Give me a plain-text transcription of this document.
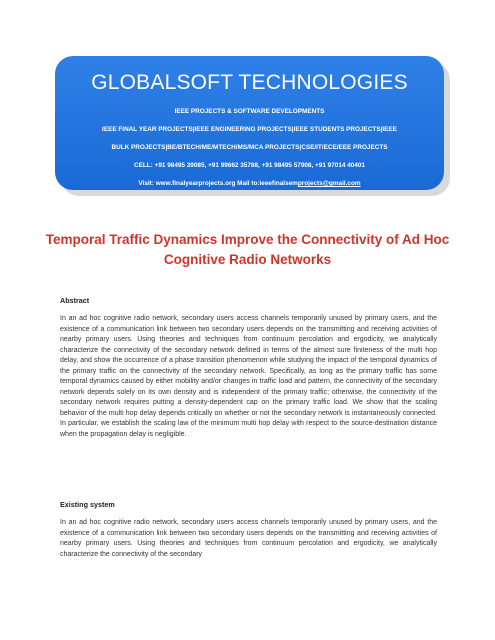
GLOBALSOFT TECHNOLOGIES
IEEE PROJECTS & SOFTWARE DEVELOPMENTS
IEEE FINAL YEAR PROJECTS|IEEE ENGINEERING PROJECTS|IEEE STUDENTS PROJECTS|IEEE
BULK PROJECTS|BE/BTECH/ME/MTECH/MS/MCA PROJECTS|CSE/IT/ECE/EEE PROJECTS
CELL: +91 98495 39085, +91 99662 35788, +91 98495 57908, +91 97014 40401
Visit: www.finalyearprojects.org Mail to:ieeefinalsemprojects@gmail.com
Temporal Traffic Dynamics Improve the Connectivity of Ad Hoc Cognitive Radio Networks
Abstract
In an ad hoc cognitive radio network, secondary users access channels temporarily unused by primary users, and the existence of a communication link between two secondary users depends on the transmitting and receiving activities of nearby primary users. Using theories and techniques from continuum percolation and ergodicity, we analytically characterize the connectivity of the secondary network defined in terms of the almost sure finiteness of the multi hop delay, and show the occurrence of a phase transition phenomenon while studying the impact of the temporal dynamics of the primary traffic on the connectivity of the secondary network. Specifically, as long as the primary traffic has some temporal dynamics caused by either mobility and/or changes in traffic load and pattern, the connectivity of the secondary network depends solely on its own density and is independent of the primary traffic; otherwise, the connectivity of the secondary network requires putting a density-dependent cap on the primary traffic load. We show that the scaling behavior of the multi hop delay depends critically on whether or not the secondary network is instantaneously connected. In particular, we establish the scaling law of the minimum multi hop delay with respect to the source-destination distance when the propagation delay is negligible.
Existing system
In an ad hoc cognitive radio network, secondary users access channels temporarily unused by primary users, and the existence of a communication link between two secondary users depends on the transmitting and receiving activities of nearby primary users. Using theories and techniques from continuum percolation and ergodicity, we analytically characterize the connectivity of the secondary
